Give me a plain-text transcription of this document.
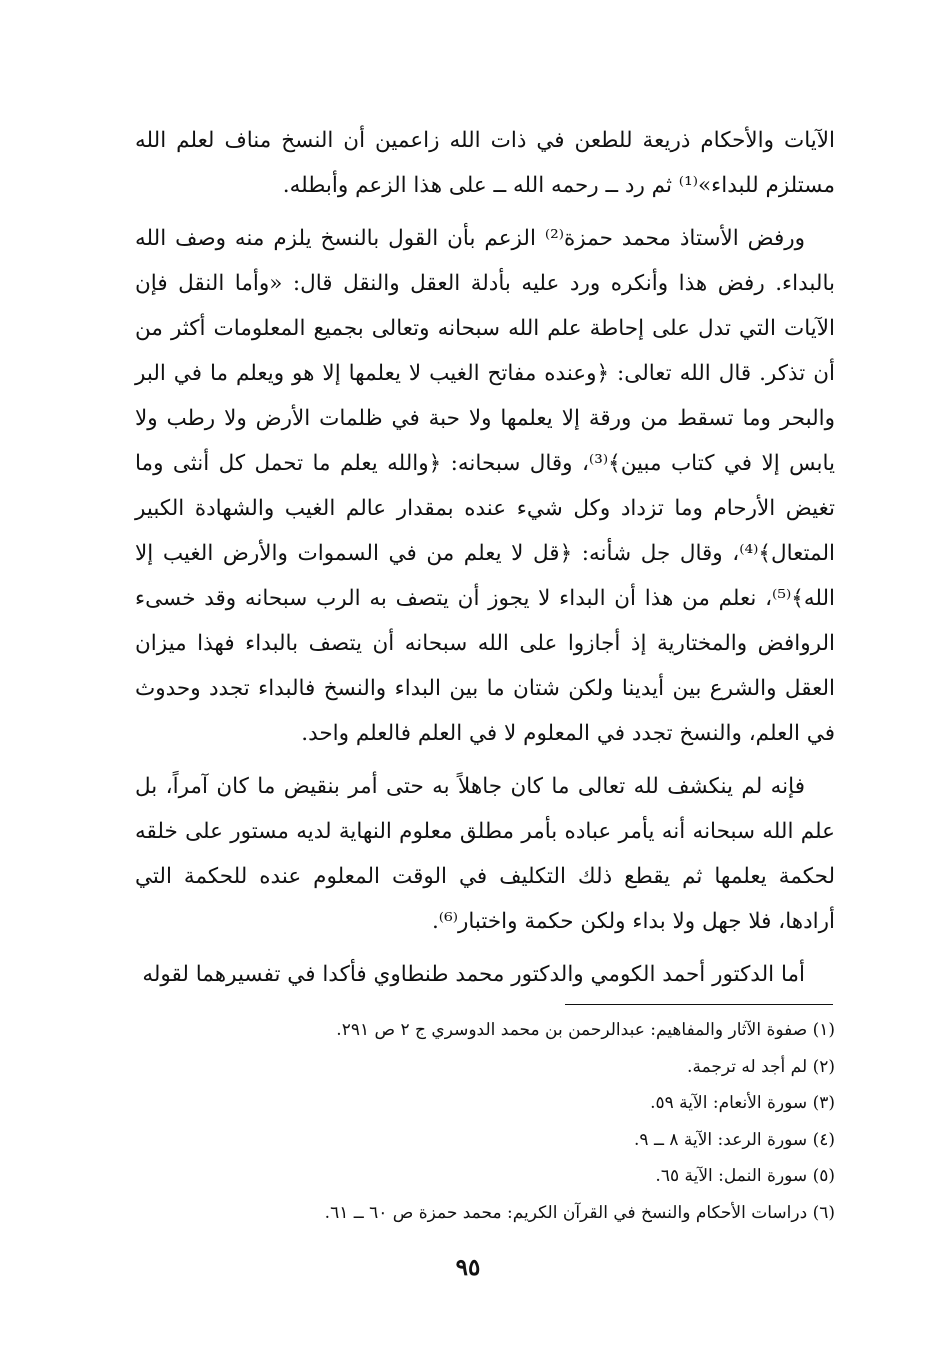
الآيات والأحكام ذريعة للطعن في ذات الله زاعمين أن النسخ مناف لعلم الله مستلزم للبداء»⁽¹⁾ ثم رد ــ رحمه الله ــ على هذا الزعم وأبطله.

ورفض الأستاذ محمد حمزة⁽²⁾ الزعم بأن القول بالنسخ يلزم منه وصف الله بالبداء. رفض هذا وأنكره ورد عليه بأدلة العقل والنقل قال: «وأما النقل فإن الآيات التي تدل على إحاطة علم الله سبحانه وتعالى بجميع المعلومات أكثر من أن تذكر. قال الله تعالى: ﴿وعنده مفاتح الغيب لا يعلمها إلا هو ويعلم ما في البر والبحر وما تسقط من ورقة إلا يعلمها ولا حبة في ظلمات الأرض ولا رطب ولا يابس إلا في كتاب مبين﴾⁽³⁾، وقال سبحانه: ﴿والله يعلم ما تحمل كل أنثى وما تغيض الأرحام وما تزداد وكل شيء عنده بمقدار عالم الغيب والشهادة الكبير المتعال﴾⁽⁴⁾، وقال جل شأنه: ﴿قل لا يعلم من في السموات والأرض الغيب إلا الله﴾⁽⁵⁾، نعلم من هذا أن البداء لا يجوز أن يتصف به الرب سبحانه وقد خسىء الروافض والمختارية إذ أجازوا على الله سبحانه أن يتصف بالبداء فهذا ميزان العقل والشرع بين أيدينا ولكن شتان ما بين البداء والنسخ فالبداء تجدد وحدوث في العلم، والنسخ تجدد في المعلوم لا في العلم فالعلم واحد.

فإنه لم ينكشف لله تعالى ما كان جاهلاً به حتى أمر بنقيض ما كان آمراً، بل علم الله سبحانه أنه يأمر عباده بأمر مطلق معلوم النهاية لديه مستور على خلقه لحكمة يعلمها ثم يقطع ذلك التكليف في الوقت المعلوم عنده للحكمة التي أرادها، فلا جهل ولا بداء ولكن حكمة واختبار⁽⁶⁾.

أما الدكتور أحمد الكومي والدكتور محمد طنطاوي فأكدا في تفسيرهما لقوله

(١) صفوة الآثار والمفاهيم: عبدالرحمن بن محمد الدوسري ج ٢ ص ٢٩١.

(٢) لم أجد له ترجمة.

(٣) سورة الأنعام: الآية ٥٩.

(٤) سورة الرعد: الآية ٨ ــ ٩.

(٥) سورة النمل: الآية ٦٥.

(٦) دراسات الأحكام والنسخ في القرآن الكريم: محمد حمزة ص ٦٠ ــ ٦١.

٩٥
